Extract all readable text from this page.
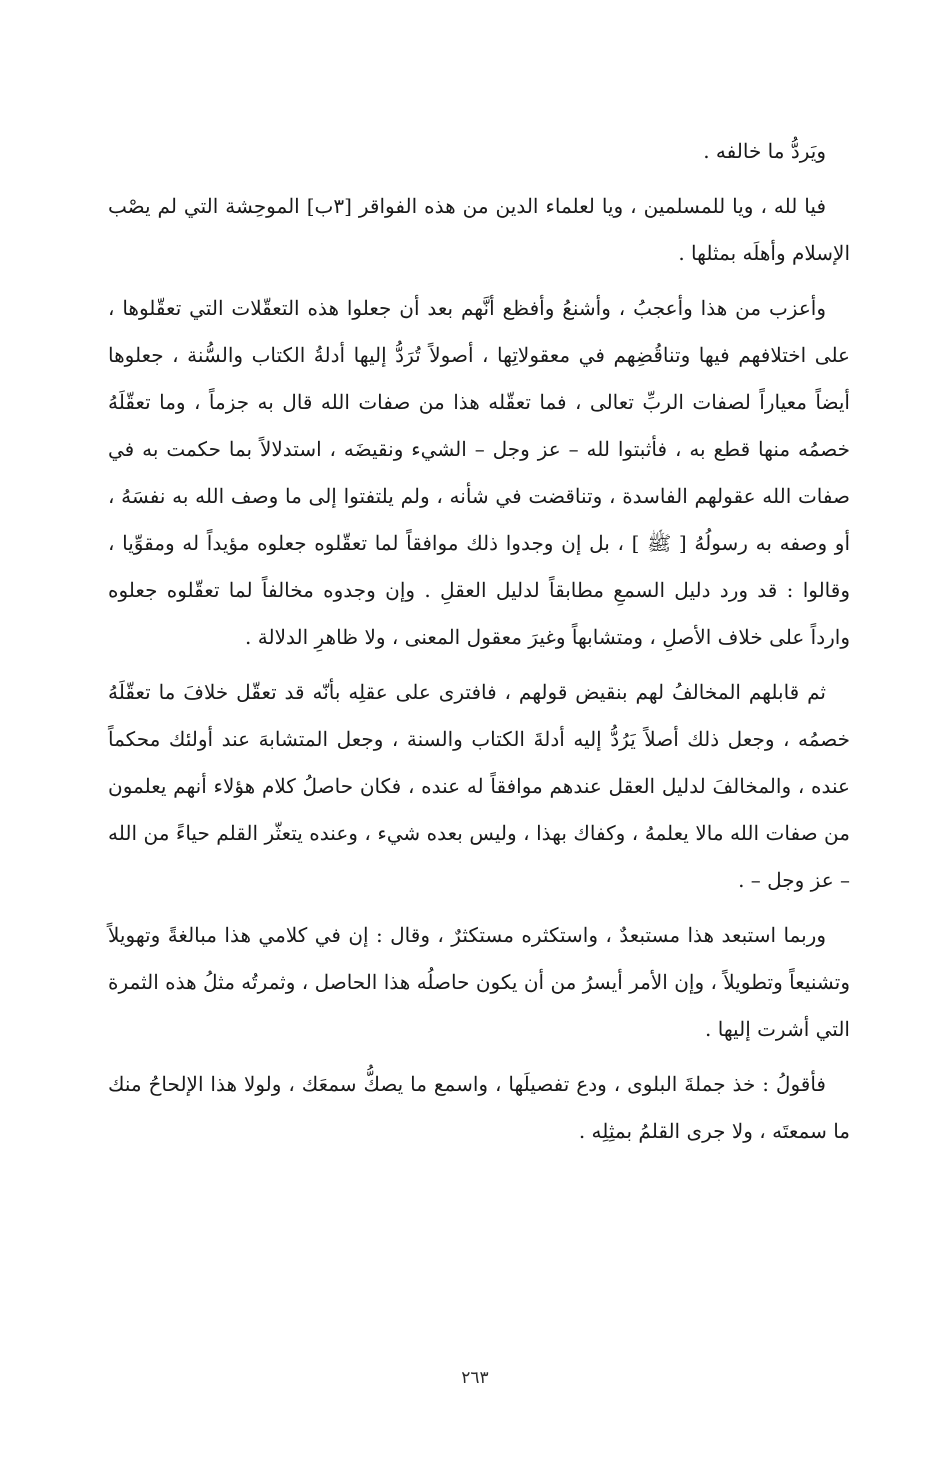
ويَردُّ ما خالفه .

فيا لله ، ويا للمسلمين ، ويا لعلماء الدين من هذه الفواقر [٣ب] الموحِشة التي لم يصْب الإسلام وأهلَه بمثلها .

وأعزب من هذا وأعجبُ ، وأشنعُ وأفظع أنَّهم بعد أن جعلوا هذه التعقّلات التي تعقّلوها ، على اختلافهم فيها وتناقُضِهم في معقولاتِها ، أصولاً تُرَدُّ إليها أدلةُ الكتاب والسُّنة ، جعلوها أيضاً معياراً لصفات الربِّ تعالى ، فما تعقّله هذا من صفات الله قال به جزماً ، وما تعقّلَهُ خصمُه منها قطع به ، فأثبتوا لله – عز وجل – الشيء ونقيضَه ، استدلالاً بما حكمت به في صفات الله عقولهم الفاسدة ، وتناقضت في شأنه ، ولم يلتفتوا إلى ما وصف الله به نفسَهُ ، أو وصفه به رسولُهُ [ ﷺ ] ، بل إن وجدوا ذلك موافقاً لما تعقّلوه جعلوه مؤيداً له ومقوِّيا ، وقالوا : قد ورد دليل السمعِ مطابقاً لدليل العقلِ . وإن وجدوه مخالفاً لما تعقّلوه جعلوه وارداً على خلاف الأصلِ ، ومتشابهاً وغيرَ معقول المعنى ، ولا ظاهرِ الدلالة .

ثم قابلهم المخالفُ لهم بنقيض قولهم ، فافترى على عقلِه بأنّه قد تعقّل خلافَ ما تعقّلَهُ خصمُه ، وجعل ذلك أصلاً يَرُدُّ إليه أدلةَ الكتاب والسنة ، وجعل المتشابهَ عند أولئك محكماً عنده ، والمخالفَ لدليل العقل عندهم موافقاً له عنده ، فكان حاصلُ كلام هؤلاء أنهم يعلمون من صفات الله مالا يعلمهُ ، وكفاك بهذا ، وليس بعده شيء ، وعنده يتعثّر القلم حياءً من الله – عز وجل – .

وربما استبعد هذا مستبعدٌ ، واستكثره مستكثرٌ ، وقال : إن في كلامي هذا مبالغةً وتهويلاً وتشنيعاً وتطويلاً ، وإن الأمر أيسرُ من أن يكون حاصلُه هذا الحاصل ، وثمرتُه مثلُ هذه الثمرة التي أشرت إليها .

فأقولُ : خذ جملةَ البلوى ، ودع تفصيلَها ، واسمع ما يصكُّ سمعَك ، ولولا هذا الإلحاحُ منك ما سمعتَه ، ولا جرى القلمُ بمثِلِه .

٢٦٣
